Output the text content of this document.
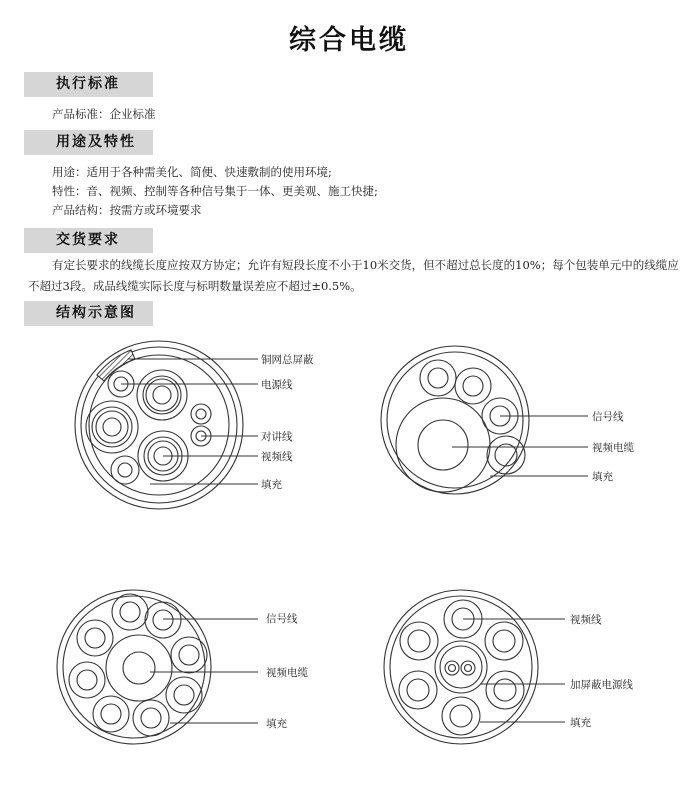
综合电缆
执行标准
产品标准：企业标准
用途及特性
用途：适用于各种需美化、简便、快速敷制的使用环境;
特性：音、视频、控制等各种信号集于一体、更美观、施工快捷;
产品结构：按需方或环境要求
交货要求
有定长要求的线缆长度应按双方协定；允许有短段长度不小于10米交货，但不超过总长度的10%；每个包装单元中的线缆应不超过3段。成品线缆实际长度与标明数量误差应不超过±0.5%。
结构示意图
铜网总屏蔽
电源线
对讲线
视频线
填充
信号线
视频电缆
填充
信号线
视频电缆
填充
视频线
加屏蔽电源线
填充
